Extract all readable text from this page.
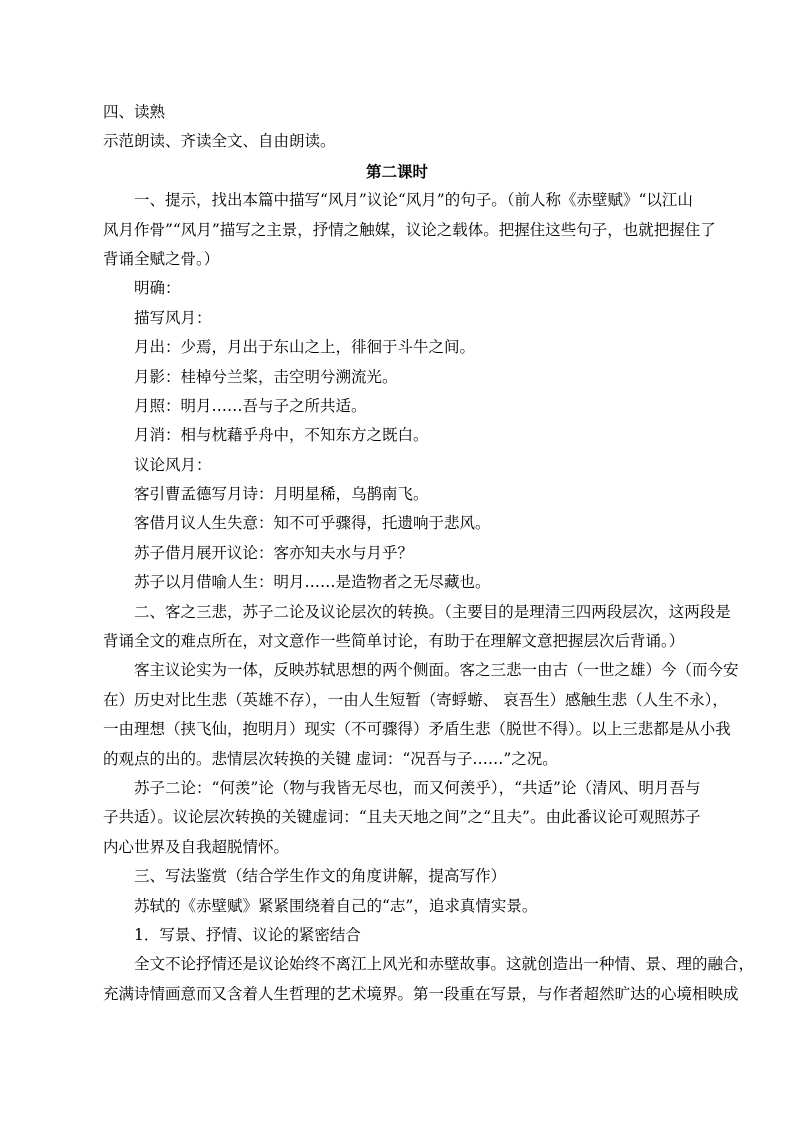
四、读熟
示范朗读、齐读全文、自由朗读。
第二课时
一、提示，找出本篇中描写“风月”议论“风月”的句子。（前人称《赤壁赋》“以江山
风月作骨”“风月”描写之主景，抒情之触媒，议论之载体。把握住这些句子，也就把握住了
背诵全赋之骨。）
明确：
描写风月：
月出：少焉，月出于东山之上，徘徊于斗牛之间。
月影：桂棹兮兰桨，击空明兮溯流光。
月照：明月……吾与子之所共适。
月消：相与枕藉乎舟中，不知东方之既白。
议论风月：
客引曹孟德写月诗：月明星稀，乌鹊南飞。
客借月议人生失意：知不可乎骤得，托遗响于悲风。
苏子借月展开议论：客亦知夫水与月乎？
苏子以月借喻人生：明月……是造物者之无尽藏也。
二、客之三悲，苏子二论及议论层次的转换。（主要目的是理清三四两段层次，这两段是
背诵全文的难点所在，对文意作一些简单讨论，有助于在理解文意把握层次后背诵。）
客主议论实为一体，反映苏轼思想的两个侧面。客之三悲一由古（一世之雄）今（而今安
在）历史对比生悲（英雄不存），一由人生短暂（寄蜉蝣、 哀吾生）感触生悲（人生不永），
一由理想（挟飞仙，抱明月）现实（不可骤得）矛盾生悲（脱世不得）。以上三悲都是从小我
的观点的出的。悲情层次转换的关键 虚词：“况吾与子……”之况。
苏子二论：“何羡”论（物与我皆无尽也，而又何羡乎），“共适”论（清风、明月吾与
子共适）。议论层次转换的关键虚词：“且夫天地之间”之“且夫”。由此番议论可观照苏子
内心世界及自我超脱情怀。
三、写法鉴赏（结合学生作文的角度讲解，提高写作）
苏轼的《赤壁赋》紧紧围绕着自己的“志”，追求真情实景。
1．写景、抒情、议论的紧密结合
全文不论抒情还是议论始终不离江上风光和赤壁故事。这就创造出一种情、景、理的融合，
充满诗情画意而又含着人生哲理的艺术境界。第一段重在写景，与作者超然旷达的心境相映成
